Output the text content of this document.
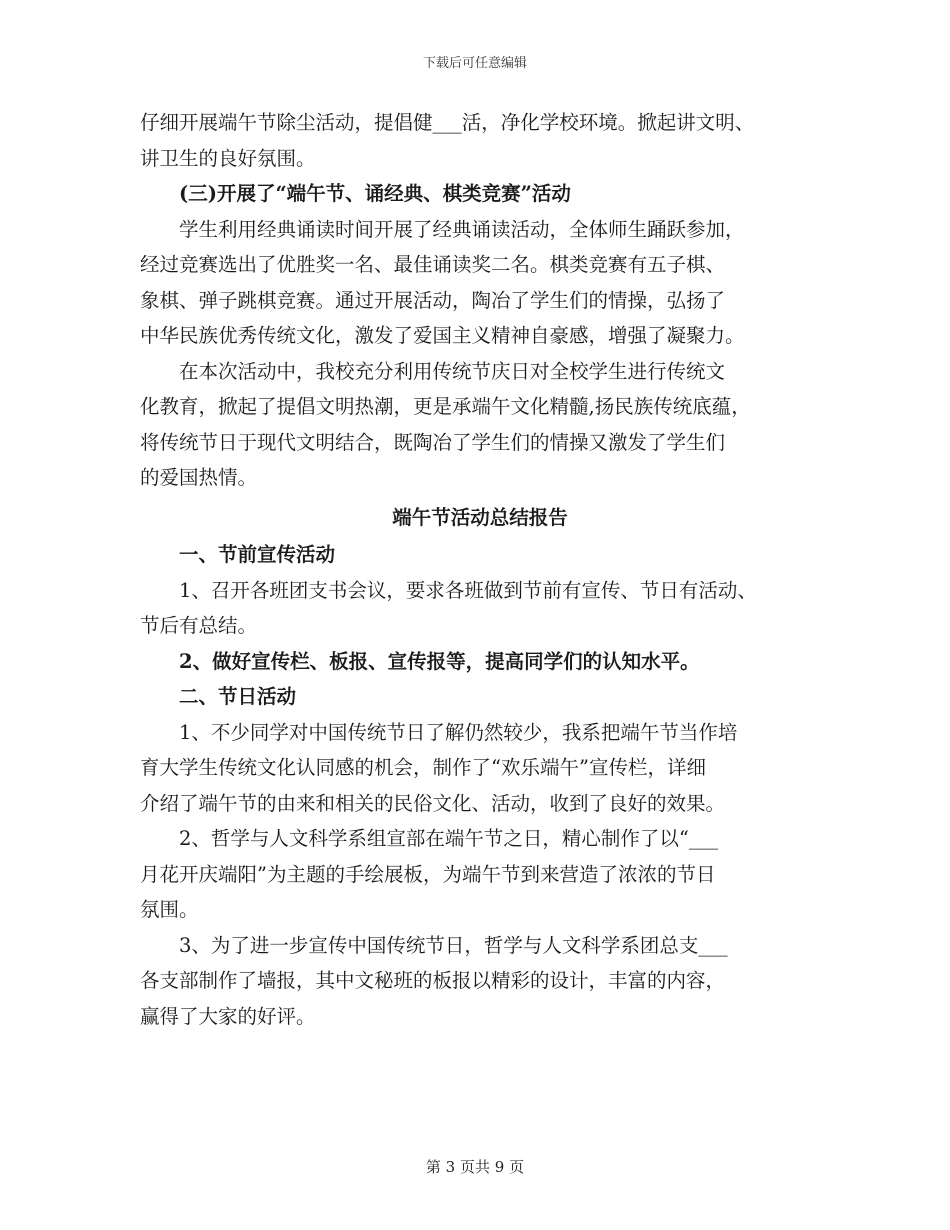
下载后可任意编辑

仔细开展端午节除尘活动，提倡健___活，净化学校环境。掀起讲文明、

讲卫生的良好氛围。

(三)开展了“端午节、诵经典、棋类竞赛”活动

学生利用经典诵读时间开展了经典诵读活动，全体师生踊跃参加，

经过竞赛选出了优胜奖一名、最佳诵读奖二名。棋类竞赛有五子棋、

象棋、弹子跳棋竞赛。通过开展活动，陶冶了学生们的情操，弘扬了

中华民族优秀传统文化，激发了爱国主义精神自豪感，增强了凝聚力。

在本次活动中，我校充分利用传统节庆日对全校学生进行传统文

化教育，掀起了提倡文明热潮，更是承端午文化精髓,扬民族传统底蕴，

将传统节日于现代文明结合，既陶冶了学生们的情操又激发了学生们

的爱国热情。

端午节活动总结报告

一、节前宣传活动

1、召开各班团支书会议，要求各班做到节前有宣传、节日有活动、

节后有总结。

2、做好宣传栏、板报、宣传报等，提高同学们的认知水平。

二、节日活动

1、不少同学对中国传统节日了解仍然较少，我系把端午节当作培

育大学生传统文化认同感的机会，制作了“欢乐端午”宣传栏，详细

介绍了端午节的由来和相关的民俗文化、活动，收到了良好的效果。

2、哲学与人文科学系组宣部在端午节之日，精心制作了以“___

月花开庆端阳”为主题的手绘展板，为端午节到来营造了浓浓的节日

氛围。

3、为了进一步宣传中国传统节日，哲学与人文科学系团总支___

各支部制作了墙报，其中文秘班的板报以精彩的设计，丰富的内容，

赢得了大家的好评。

第 3 页共 9 页
